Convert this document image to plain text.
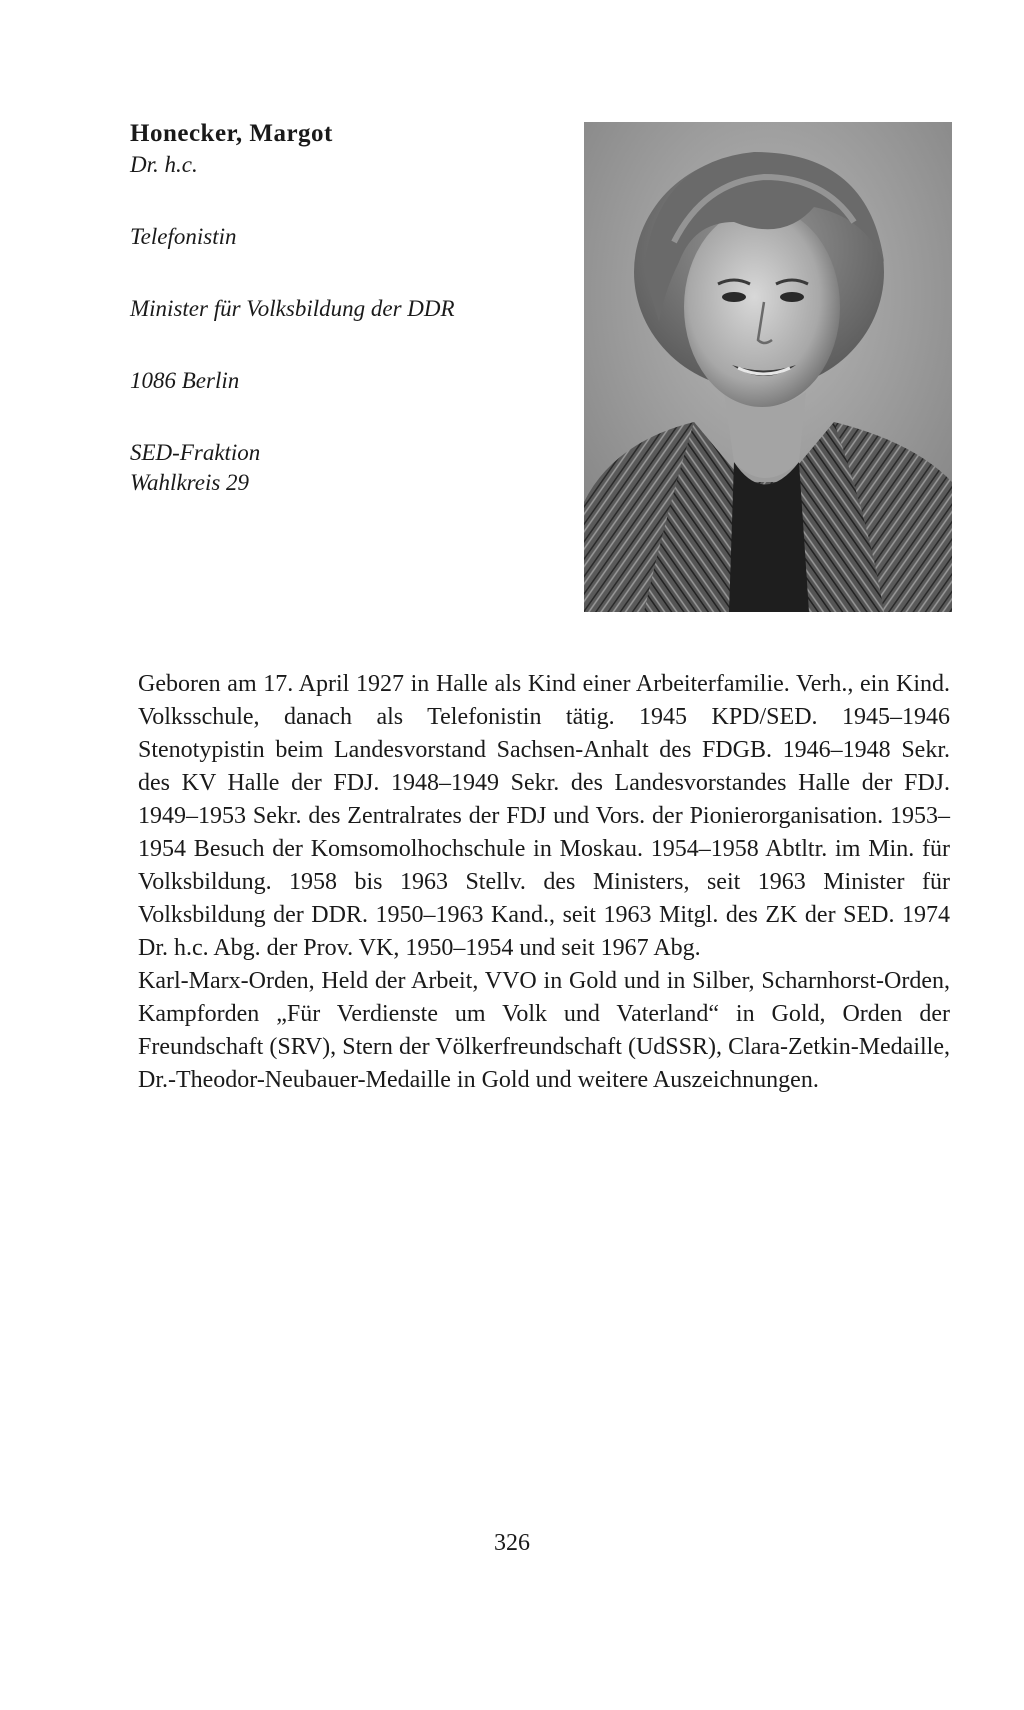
Honecker, Margot

Dr. h.c.

Telefonistin

Minister für Volksbildung der DDR

1086 Berlin

SED-Fraktion

Wahlkreis 29

Geboren am 17. April 1927 in Halle als Kind einer Arbeiterfamilie. Verh., ein Kind. Volksschule, danach als Telefonistin tätig. 1945 KPD/SED. 1945–1946 Stenotypistin beim Landesvorstand Sachsen-Anhalt des FDGB. 1946–1948 Sekr. des KV Halle der FDJ. 1948–1949 Sekr. des Landesvorstandes Halle der FDJ. 1949–1953 Sekr. des Zentralrates der FDJ und Vors. der Pionierorganisation. 1953–1954 Besuch der Komsomolhochschule in Moskau. 1954–1958 Abtltr. im Min. für Volksbildung. 1958 bis 1963 Stellv. des Ministers, seit 1963 Minister für Volksbildung der DDR. 1950–1963 Kand., seit 1963 Mitgl. des ZK der SED. 1974 Dr. h.c. Abg. der Prov. VK, 1950–1954 und seit 1967 Abg.

Karl-Marx-Orden, Held der Arbeit, VVO in Gold und in Silber, Scharnhorst-Orden, Kampforden „Für Verdienste um Volk und Vaterland“ in Gold, Orden der Freundschaft (SRV), Stern der Völkerfreundschaft (UdSSR), Clara-Zetkin-Medaille, Dr.-Theodor-Neubauer-Medaille in Gold und weitere Auszeichnungen.

326
